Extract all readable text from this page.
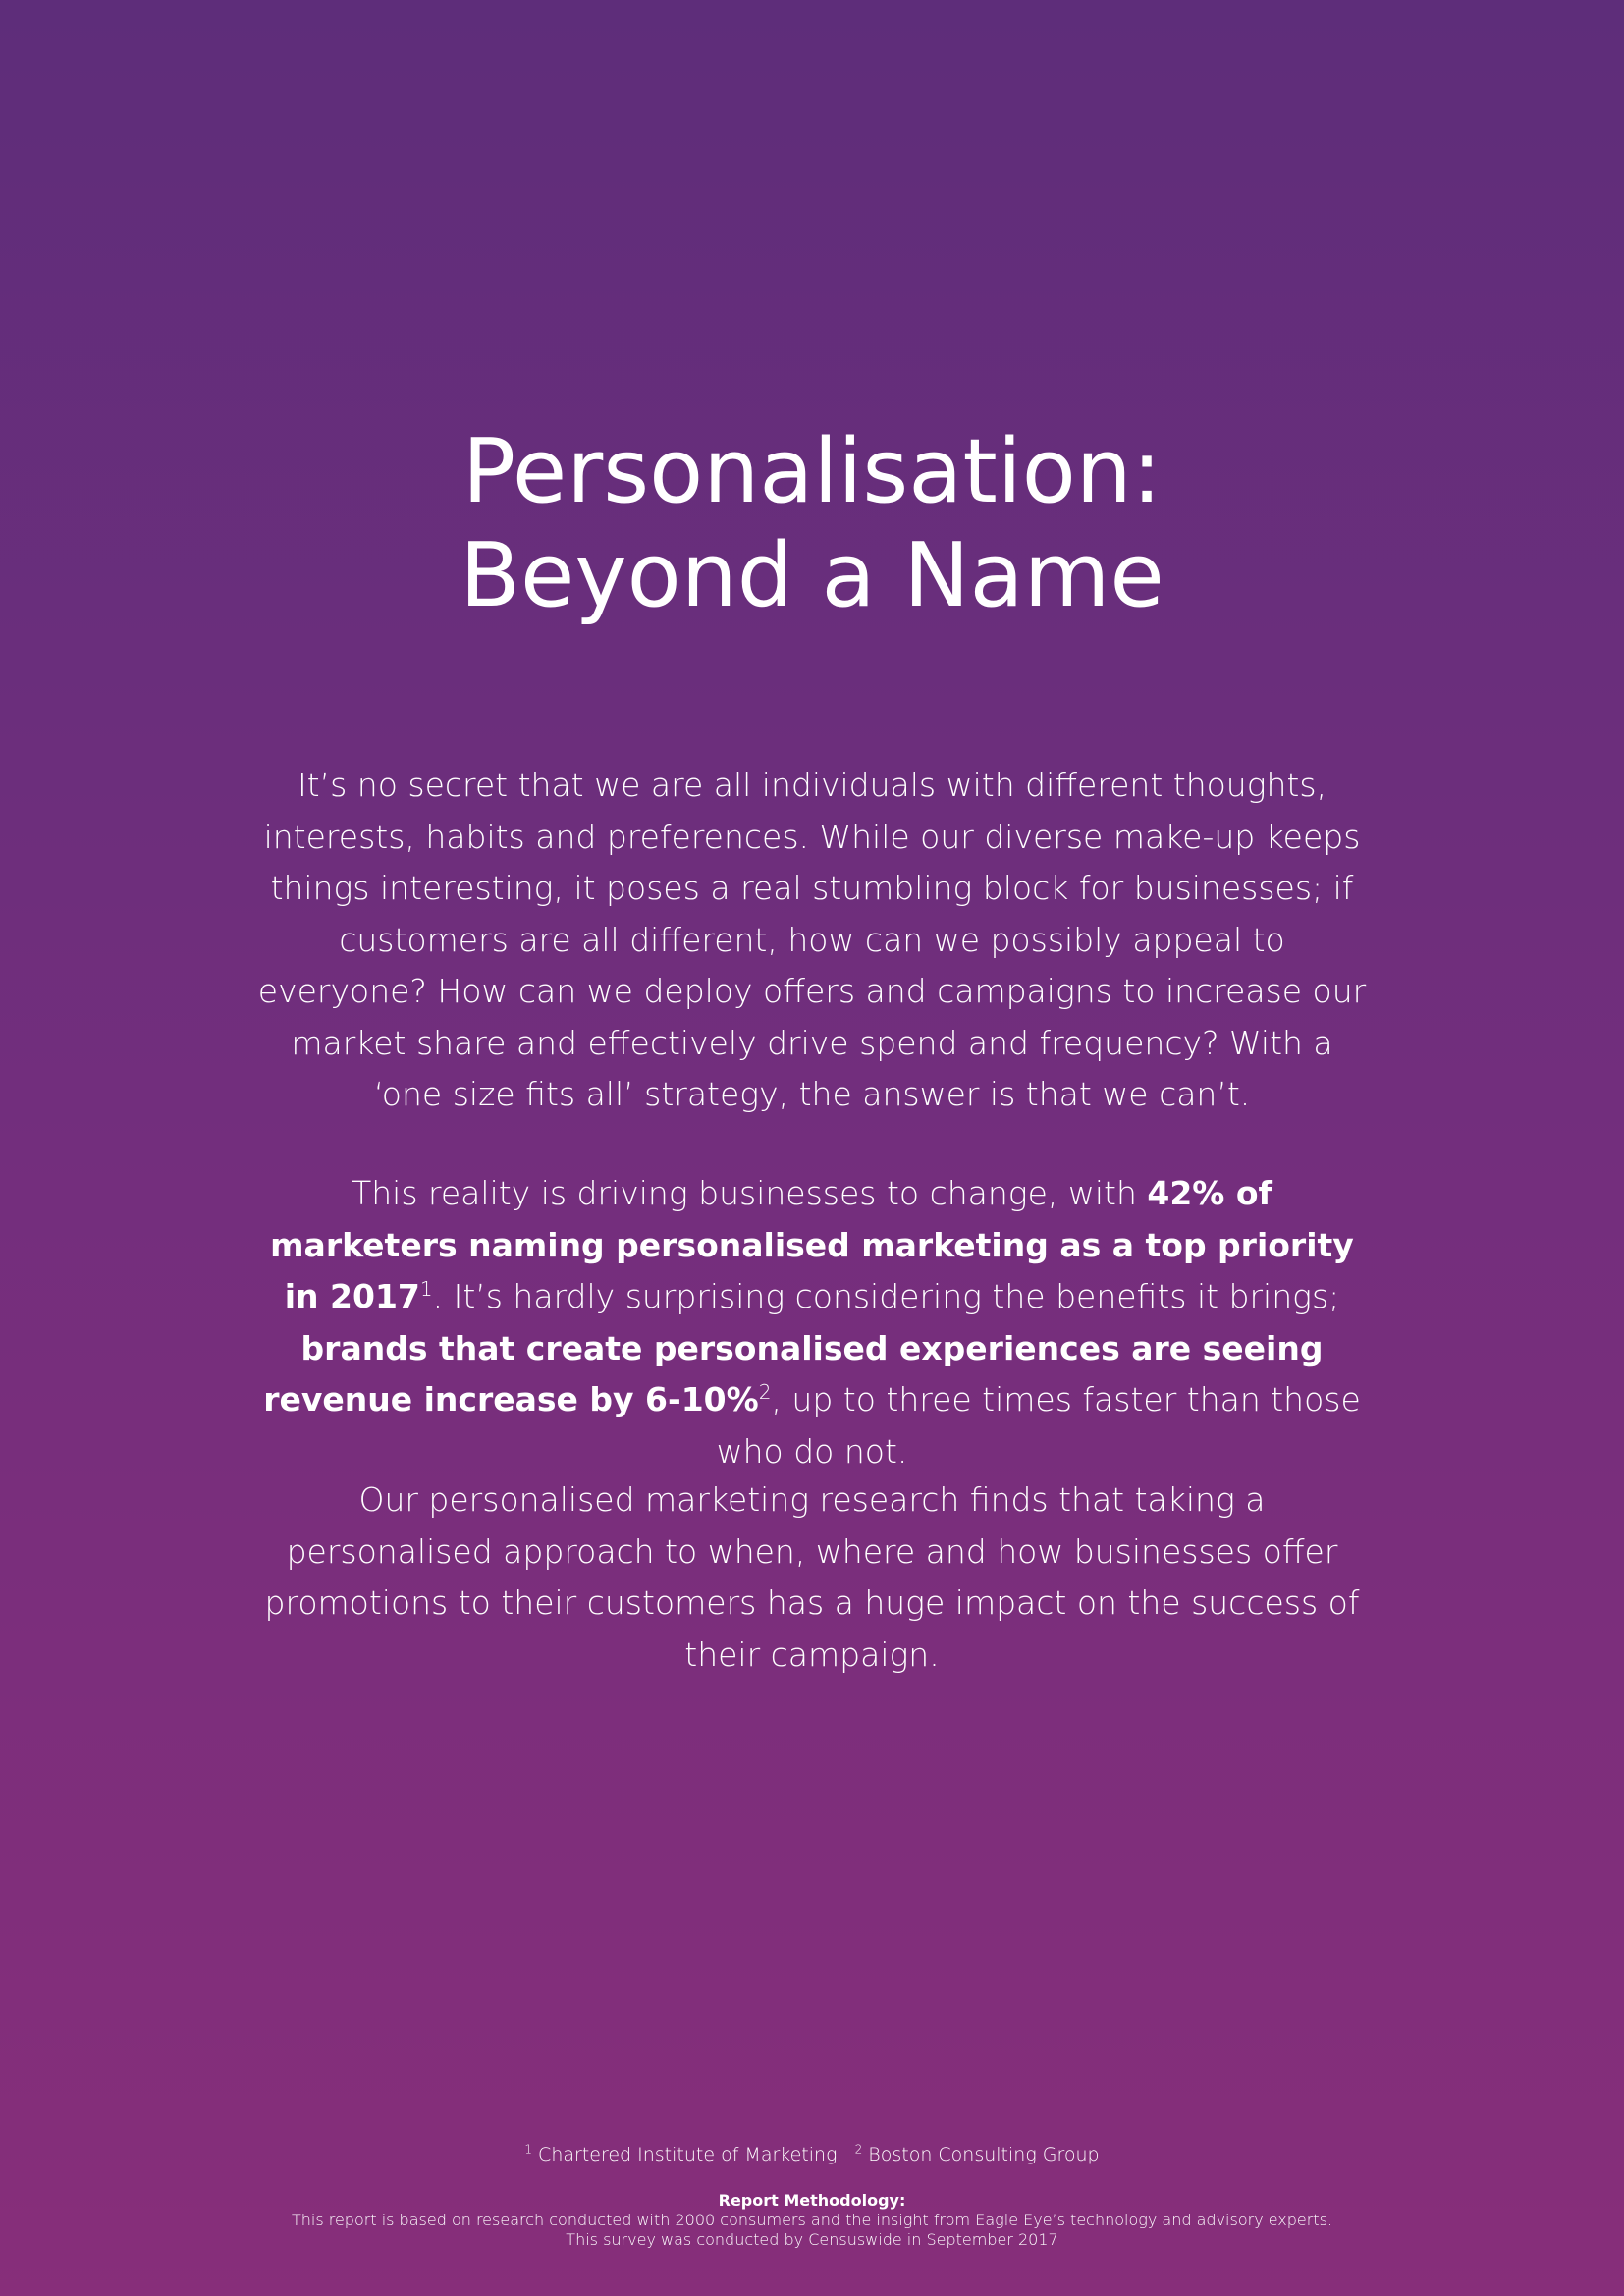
Personalisation:
Beyond a Name

It’s no secret that we are all individuals with different thoughts, interests, habits and preferences. While our diverse make-up keeps things interesting, it poses a real stumbling block for businesses; if customers are all different, how can we possibly appeal to everyone? How can we deploy offers and campaigns to increase our market share and effectively drive spend and frequency? With a ‘one size fits all’ strategy, the answer is that we can’t.

This reality is driving businesses to change, with 42% of marketers naming personalised marketing as a top priority in 2017$^1$. It’s hardly surprising considering the benefits it brings; brands that create personalised experiences are seeing revenue increase by 6-10%$^2$, up to three times faster than those who do not.

Our personalised marketing research finds that taking a personalised approach to when, where and how businesses offer promotions to their customers has a huge impact on the success of their campaign.

$^1$ Chartered Institute of Marketing $^2$ Boston Consulting Group
Report Methodology:
This report is based on research conducted with 2000 consumers and the insight from Eagle Eye’s technology and advisory experts.
This survey was conducted by Censuswide in September 2017
